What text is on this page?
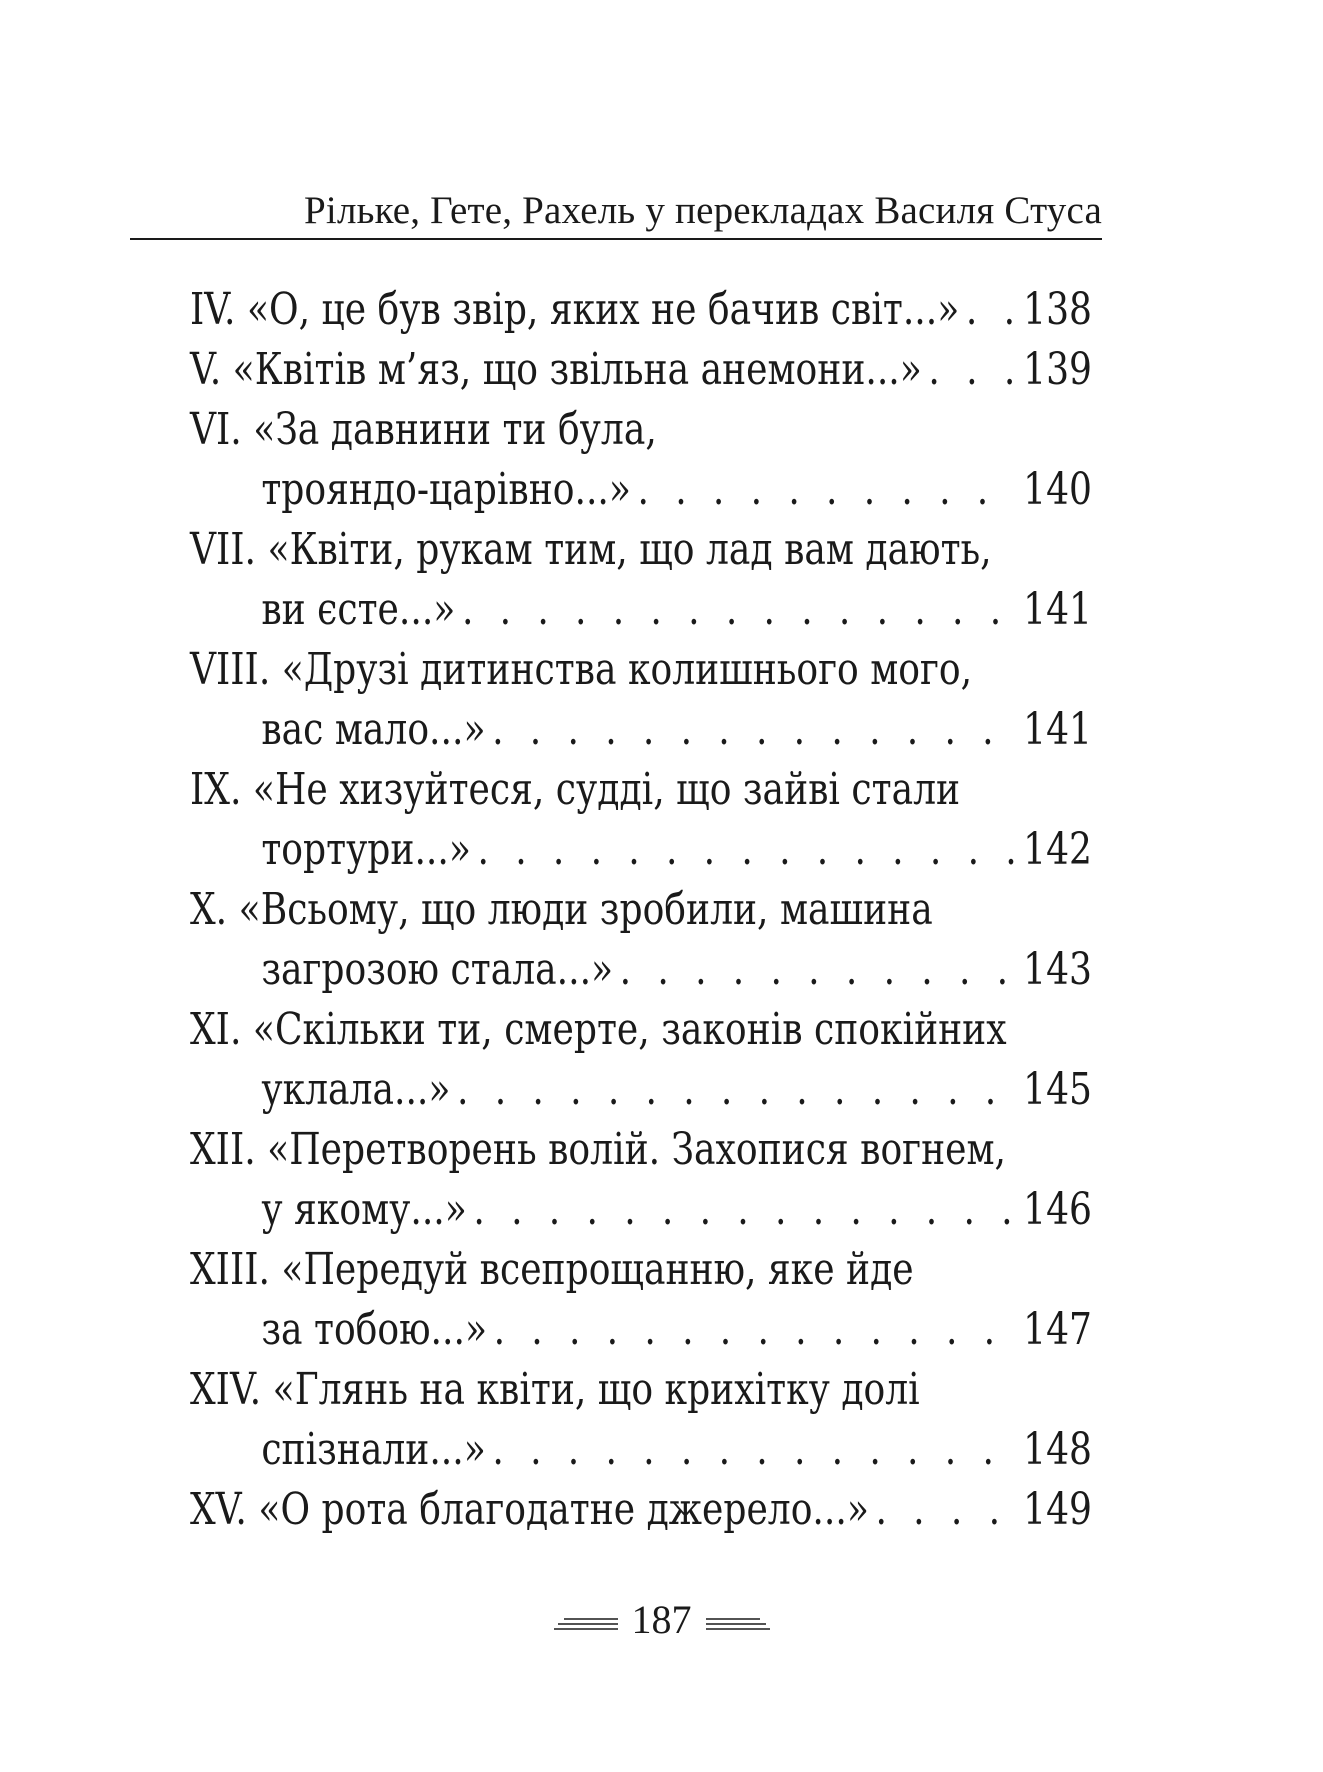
Рільке, Гете, Рахель у перекладах Василя Стуса
IV. «О, це був звір, яких не бачив світ...» . . . 138
V. «Квітів м’яз, що звільна анемони...» . . . 139
VI. «За давнини ти була,
трояндо-царівно...» . . .	140
VII. «Квіти, рукам тим, що лад вам дають,
ви єсте...» . . .	141
VIII. «Друзі дитинства колишнього мого,
вас мало...» . . .	141
IX. «Не хизуйтеся, судді, що зайві стали
тортури...» . . .	142
X. «Всьому, що люди зробили, машина
загрозою стала...» . . .	143
XI. «Скільки ти, смерте, законів спокійних
уклала...» . . .	145
XII. «Перетворень волій. Захопися вогнем,
у якому...» . . .	146
XIII. «Передуй всепрощанню, яке йде
за тобою...» . . .	147
XIV. «Глянь на квіти, що крихітку долі
спізнали...» . . .	148
XV. «О рота благодатне джерело...» . . .	149
187
